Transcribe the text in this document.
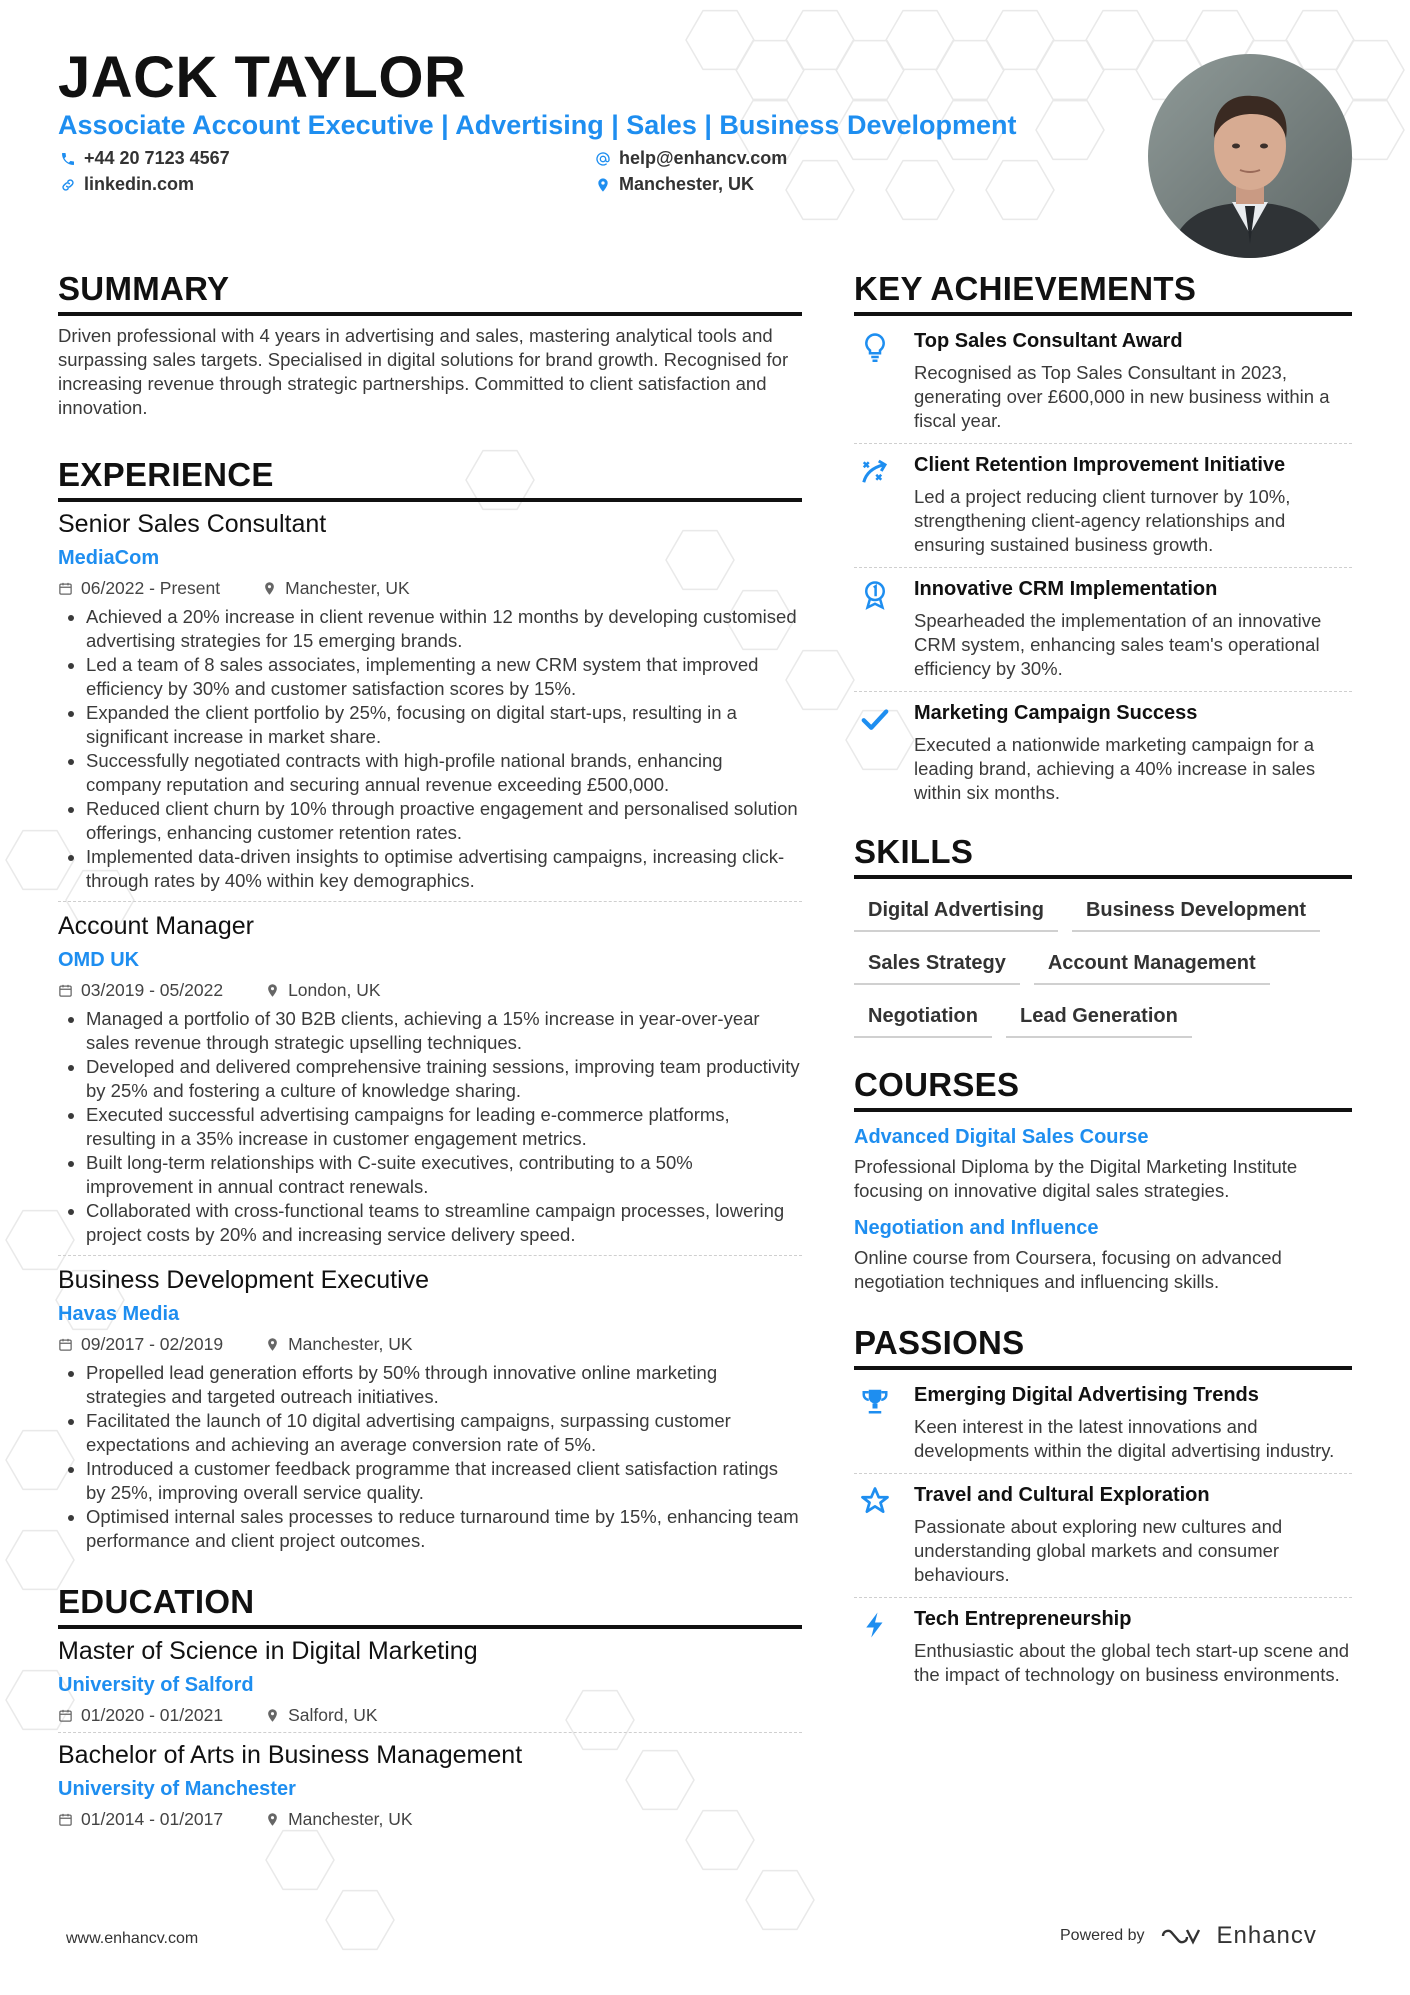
JACK TAYLOR
Associate Account Executive | Advertising | Sales | Business Development
+44 20 7123 4567	help@enhancv.com
linkedin.com	Manchester, UK
SUMMARY
Driven professional with 4 years in advertising and sales, mastering analytical tools and surpassing sales targets. Specialised in digital solutions for brand growth. Recognised for increasing revenue through strategic partnerships. Committed to client satisfaction and innovation.
EXPERIENCE
Senior Sales Consultant
MediaCom
06/2022 - Present	Manchester, UK
• Achieved a 20% increase in client revenue within 12 months by developing customised advertising strategies for 15 emerging brands.
• Led a team of 8 sales associates, implementing a new CRM system that improved efficiency by 30% and customer satisfaction scores by 15%.
• Expanded the client portfolio by 25%, focusing on digital start-ups, resulting in a significant increase in market share.
• Successfully negotiated contracts with high-profile national brands, enhancing company reputation and securing annual revenue exceeding £500,000.
• Reduced client churn by 10% through proactive engagement and personalised solution offerings, enhancing customer retention rates.
• Implemented data-driven insights to optimise advertising campaigns, increasing click-through rates by 40% within key demographics.
Account Manager
OMD UK
03/2019 - 05/2022	London, UK
• Managed a portfolio of 30 B2B clients, achieving a 15% increase in year-over-year sales revenue through strategic upselling techniques.
• Developed and delivered comprehensive training sessions, improving team productivity by 25% and fostering a culture of knowledge sharing.
• Executed successful advertising campaigns for leading e-commerce platforms, resulting in a 35% increase in customer engagement metrics.
• Built long-term relationships with C-suite executives, contributing to a 50% improvement in annual contract renewals.
• Collaborated with cross-functional teams to streamline campaign processes, lowering project costs by 20% and increasing service delivery speed.
Business Development Executive
Havas Media
09/2017 - 02/2019	Manchester, UK
• Propelled lead generation efforts by 50% through innovative online marketing strategies and targeted outreach initiatives.
• Facilitated the launch of 10 digital advertising campaigns, surpassing customer expectations and achieving an average conversion rate of 5%.
• Introduced a customer feedback programme that increased client satisfaction ratings by 25%, improving overall service quality.
• Optimised internal sales processes to reduce turnaround time by 15%, enhancing team performance and client project outcomes.
EDUCATION
Master of Science in Digital Marketing
University of Salford
01/2020 - 01/2021	Salford, UK
Bachelor of Arts in Business Management
University of Manchester
01/2014 - 01/2017	Manchester, UK
KEY ACHIEVEMENTS
Top Sales Consultant Award
Recognised as Top Sales Consultant in 2023, generating over £600,000 in new business within a fiscal year.
Client Retention Improvement Initiative
Led a project reducing client turnover by 10%, strengthening client-agency relationships and ensuring sustained business growth.
Innovative CRM Implementation
Spearheaded the implementation of an innovative CRM system, enhancing sales team's operational efficiency by 30%.
Marketing Campaign Success
Executed a nationwide marketing campaign for a leading brand, achieving a 40% increase in sales within six months.
SKILLS
Digital Advertising	Business Development
Sales Strategy	Account Management
Negotiation	Lead Generation
COURSES
Advanced Digital Sales Course
Professional Diploma by the Digital Marketing Institute focusing on innovative digital sales strategies.
Negotiation and Influence
Online course from Coursera, focusing on advanced negotiation techniques and influencing skills.
PASSIONS
Emerging Digital Advertising Trends
Keen interest in the latest innovations and developments within the digital advertising industry.
Travel and Cultural Exploration
Passionate about exploring new cultures and understanding global markets and consumer behaviours.
Tech Entrepreneurship
Enthusiastic about the global tech start-up scene and the impact of technology on business environments.
www.enhancv.com	Powered by	Enhancv
